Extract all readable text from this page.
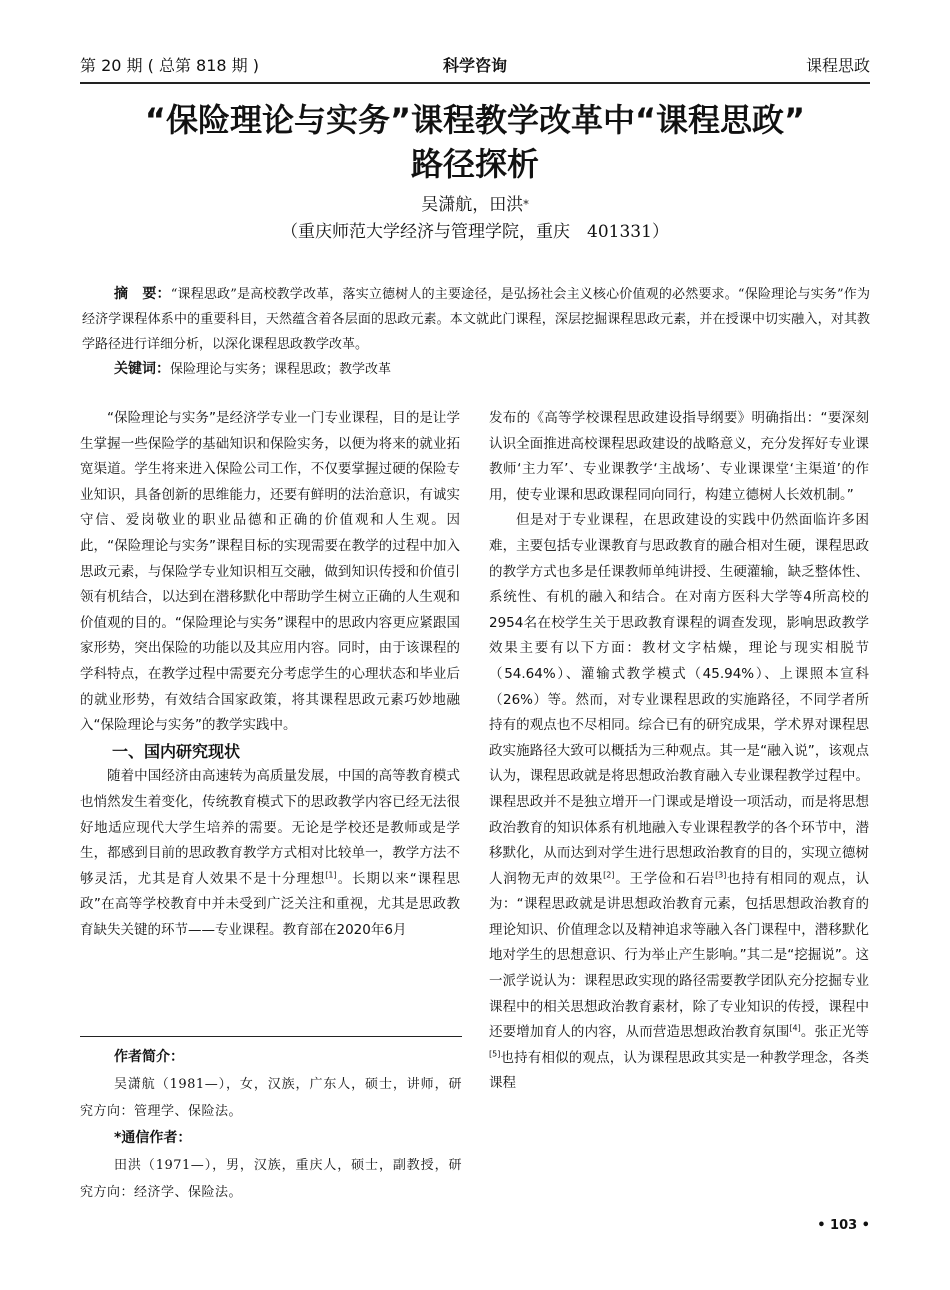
科学咨询
第 20 期 ( 总第 818 期 )	课程思政
“保险理论与实务”课程教学改革中“课程思政”
路径探析
吴潇航，田洪*
（重庆师范大学经济与管理学院，重庆　401331）
摘　要：“课程思政”是高校教学改革，落实立德树人的主要途径，是弘扬社会主义核心价值观的必然要求。“保险理论与实务”作为经济学课程体系中的重要科目，天然蕴含着各层面的思政元素。本文就此门课程，深层挖掘课程思政元素，并在授课中切实融入，对其教学路径进行详细分析，以深化课程思政教学改革。
关键词：保险理论与实务；课程思政；教学改革

“保险理论与实务”是经济学专业一门专业课程，目的是让学生掌握一些保险学的基础知识和保险实务，以便为将来的就业拓宽渠道。学生将来进入保险公司工作，不仅要掌握过硬的保险专业知识，具备创新的思维能力，还要有鲜明的法治意识，有诚实守信、爱岗敬业的职业品德和正确的价值观和人生观。因此，“保险理论与实务”课程目标的实现需要在教学的过程中加入思政元素，与保险学专业知识相互交融，做到知识传授和价值引领有机结合，以达到在潜移默化中帮助学生树立正确的人生观和价值观的目的。“保险理论与实务”课程中的思政内容更应紧跟国家形势，突出保险的功能以及其应用内容。同时，由于该课程的学科特点，在教学过程中需要充分考虑学生的心理状态和毕业后的就业形势，有效结合国家政策，将其课程思政元素巧妙地融入“保险理论与实务”的教学实践中。

一、国内研究现状

随着中国经济由高速转为高质量发展，中国的高等教育模式也悄然发生着变化，传统教育模式下的思政教学内容已经无法很好地适应现代大学生培养的需要。无论是学校还是教师或是学生，都感到目前的思政教育教学方式相对比较单一，教学方法不够灵活，尤其是育人效果不是十分理想[1]。长期以来“课程思政”在高等学校教育中并未受到广泛关注和重视，尤其是思政教育缺失关键的环节——专业课程。教育部在2020年6月

发布的《高等学校课程思政建设指导纲要》明确指出：“要深刻认识全面推进高校课程思政建设的战略意义，充分发挥好专业课教师‘主力军’、专业课教学‘主战场’、专业课课堂‘主渠道’的作用，使专业课和思政课程同向同行，构建立德树人长效机制。”

但是对于专业课程，在思政建设的实践中仍然面临许多困难，主要包括专业课教育与思政教育的融合相对生硬，课程思政的教学方式也多是任课教师单纯讲授、生硬灌输，缺乏整体性、系统性、有机的融入和结合。在对南方医科大学等4所高校的2954名在校学生关于思政教育课程的调查发现，影响思政教学效果主要有以下方面：教材文字枯燥，理论与现实相脱节（54.64%）、灌输式教学模式（45.94%）、上课照本宣科（26%）等。然而，对专业课程思政的实施路径，不同学者所持有的观点也不尽相同。综合已有的研究成果，学术界对课程思政实施路径大致可以概括为三种观点。其一是“融入说”，该观点认为，课程思政就是将思想政治教育融入专业课程教学过程中。课程思政并不是独立增开一门课或是增设一项活动，而是将思想政治教育的知识体系有机地融入专业课程教学的各个环节中，潜移默化，从而达到对学生进行思想政治教育的目的，实现立德树人润物无声的效果[2]。王学俭和石岩[3]也持有相同的观点，认为：“课程思政就是讲思想政治教育元素，包括思想政治教育的理论知识、价值理念以及精神追求等融入各门课程中，潜移默化地对学生的思想意识、行为举止产生影响。”其二是“挖掘说”。这一派学说认为：课程思政实现的路径需要教学团队充分挖掘专业课程中的相关思想政治教育素材，除了专业知识的传授，课程中还要增加育人的内容，从而营造思想政治教育氛围[4]。张正光等[5]也持有相似的观点，认为课程思政其实是一种教学理念，各类课程

作者简介：
吴潇航（1981—），女，汉族，广东人，硕士，讲师，研究方向：管理学、保险法。
*通信作者：
田洪（1971—），男，汉族，重庆人，硕士，副教授，研究方向：经济学、保险法。
• 103 •
